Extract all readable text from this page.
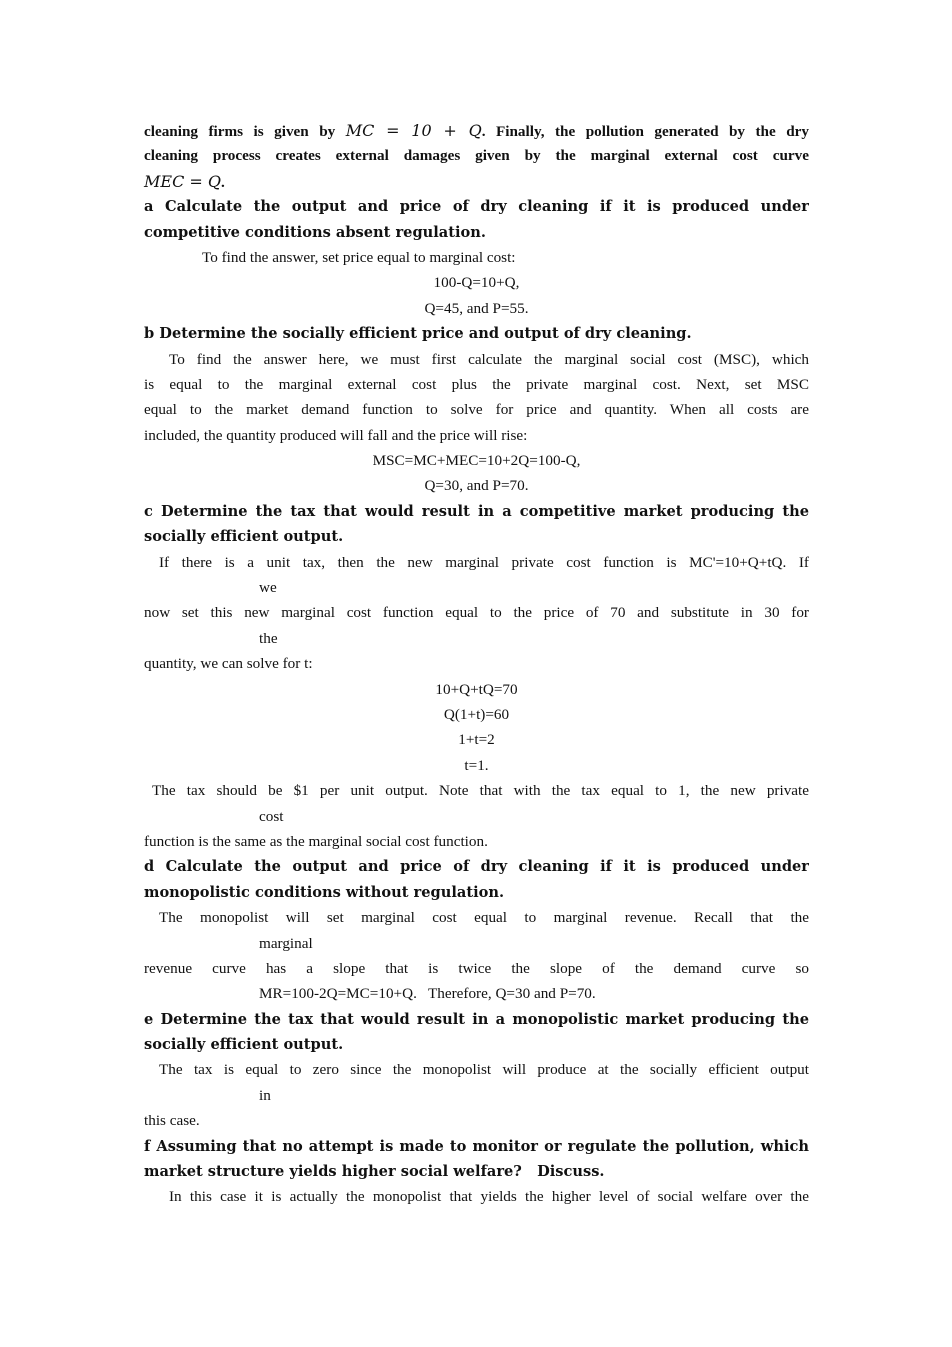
cleaning firms is given by MC = 10 + Q. Finally, the pollution generated by the dry
cleaning process creates external damages given by the marginal external cost curve
MEC = Q.
a Calculate the output and price of dry cleaning if it is produced under
competitive conditions absent regulation.
To find the answer, set price equal to marginal cost:
100-Q=10+Q,
Q=45, and P=55.
b Determine the socially efficient price and output of dry cleaning.
To find the answer here, we must first calculate the marginal social cost (MSC), which
is equal to the marginal external cost plus the private marginal cost. Next, set MSC
equal to the market demand function to solve for price and quantity. When all costs are
included, the quantity produced will fall and the price will rise:
MSC=MC+MEC=10+2Q=100-Q,
Q=30, and P=70.
c Determine the tax that would result in a competitive market producing the
socially efficient output.
If there is a unit tax, then the new marginal private cost function is MC'=10+Q+tQ. If
we
now set this new marginal cost function equal to the price of 70 and substitute in 30 for
the
quantity, we can solve for t:
10+Q+tQ=70
Q(1+t)=60
1+t=2
t=1.
The tax should be $1 per unit output. Note that with the tax equal to 1, the new private
cost
function is the same as the marginal social cost function.
d Calculate the output and price of dry cleaning if it is produced under
monopolistic conditions without regulation.
The monopolist will set marginal cost equal to marginal revenue. Recall that the
marginal
revenue curve has a slope that is twice the slope of the demand curve so
MR=100-2Q=MC=10+Q.   Therefore, Q=30 and P=70.
e Determine the tax that would result in a monopolistic market producing the
socially efficient output.
The tax is equal to zero since the monopolist will produce at the socially efficient output
in
this case.
f Assuming that no attempt is made to monitor or regulate the pollution, which
market structure yields higher social welfare?   Discuss.
In this case it is actually the monopolist that yields the higher level of social welfare over the
